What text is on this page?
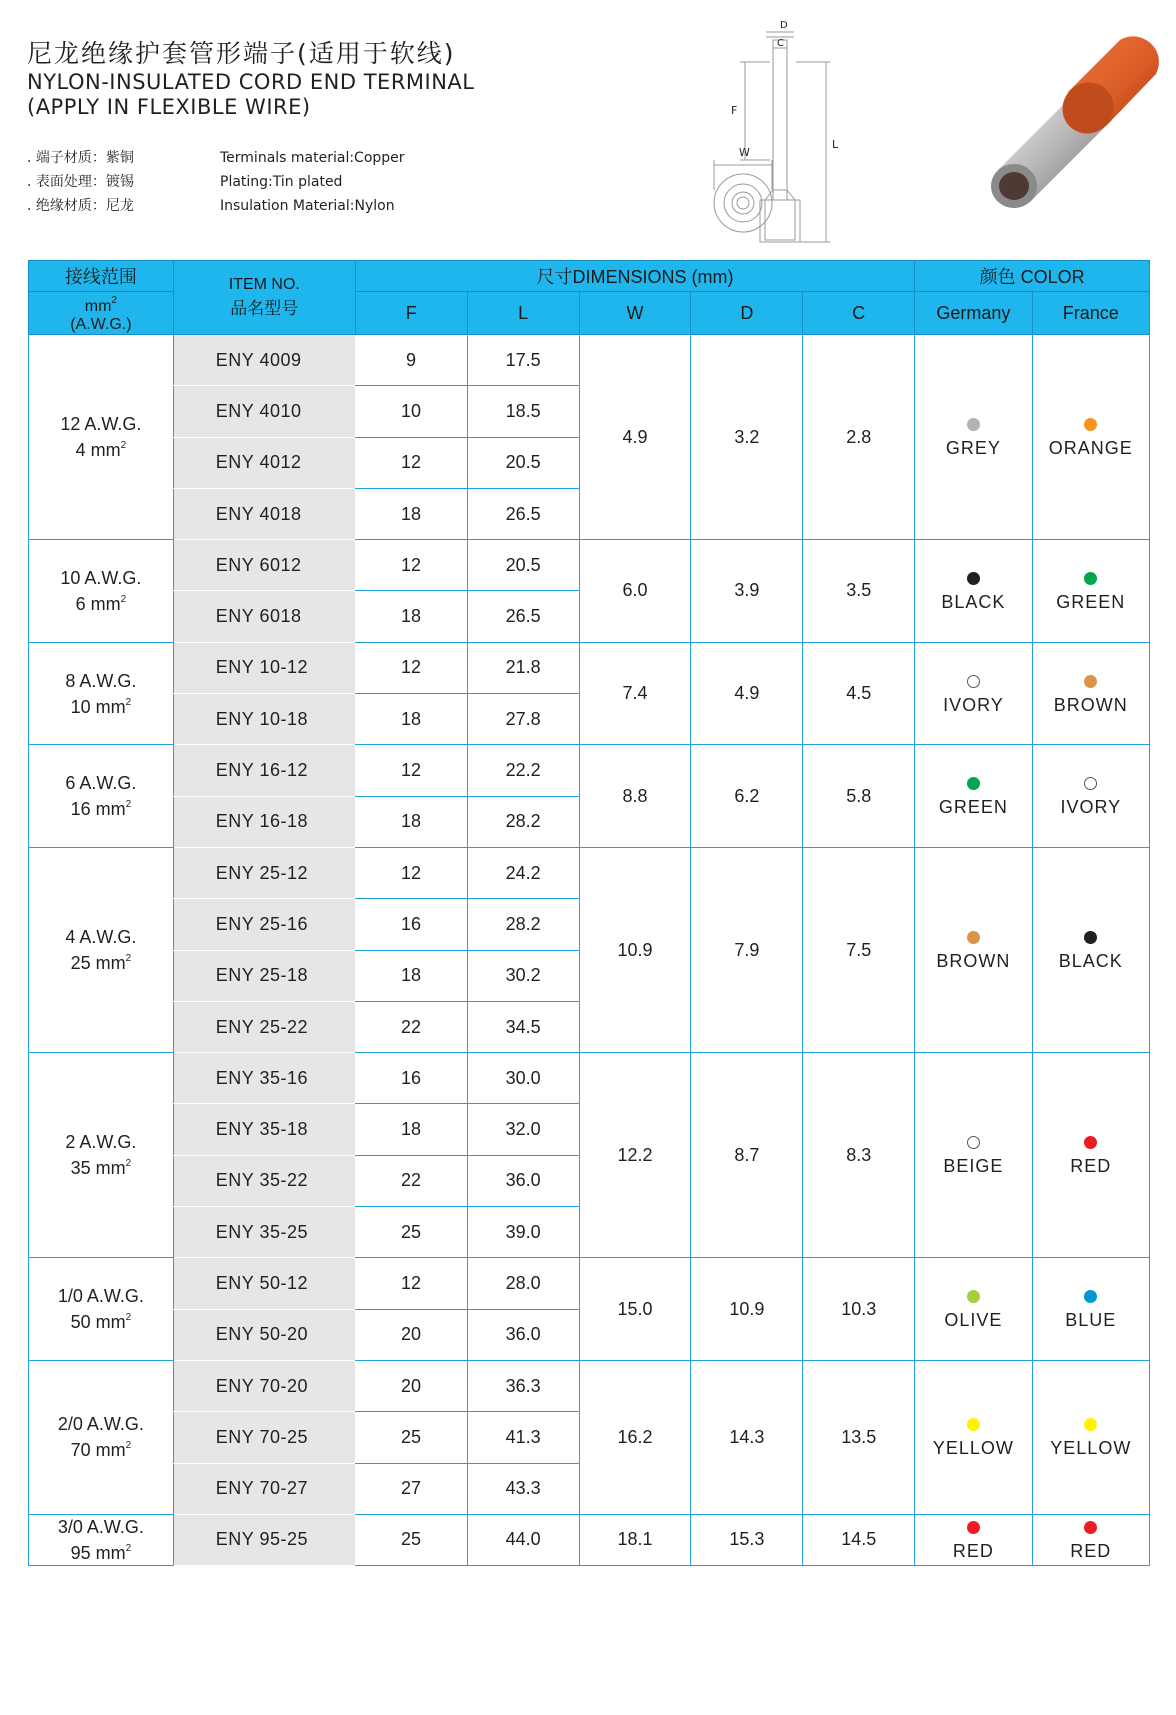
尼龙绝缘护套管形端子(适用于软线)
NYLON-INSULATED CORD END TERMINAL
(APPLY IN FLEXIBLE WIRE)
. 端子材质：紫铜	Terminals material:Copper
. 表面处理：镀锡	Plating:Tin plated
. 绝缘材质：尼龙	Insulation Material:Nylon
D
C
F
L
W
接线范围	ITEM NO.
品名型号	尺寸DIMENSIONS (mm)					颜色 COLOR	

$mm^2$
(A.W.G.)		F	L	W	D	C	Germany	France

12 A.W.G.
4 $mm^2$	ENY 4009	9	17.5	4.9	3.2	2.8	GREY	ORANGE

	ENY 4010	10	18.5					
	ENY 4012	12	20.5					
	ENY 4018	18	26.5					

10 A.W.G.
6 $mm^2$	ENY 6012	12	20.5	6.0	3.9	3.5	BLACK	GREEN

	ENY 6018	18	26.5					

8 A.W.G.
10 $mm^2$	ENY 10-12	12	21.8	7.4	4.9	4.5	IVORY	BROWN

	ENY 10-18	18	27.8					

6 A.W.G.
16 $mm^2$	ENY 16-12	12	22.2	8.8	6.2	5.8	GREEN	IVORY

	ENY 16-18	18	28.2					

4 A.W.G.
25 $mm^2$	ENY 25-12	12	24.2	10.9	7.9	7.5	BROWN	BLACK

	ENY 25-16	16	28.2					
	ENY 25-18	18	30.2					
	ENY 25-22	22	34.5					

2 A.W.G.
35 $mm^2$	ENY 35-16	16	30.0	12.2	8.7	8.3	BEIGE	RED

	ENY 35-18	18	32.0					
	ENY 35-22	22	36.0					
	ENY 35-25	25	39.0					

1/0 A.W.G.
50 $mm^2$	ENY 50-12	12	28.0	15.0	10.9	10.3	OLIVE	BLUE

	ENY 50-20	20	36.0					

2/0 A.W.G.
70 $mm^2$	ENY 70-20	20	36.3	16.2	14.3	13.5	YELLOW	YELLOW

	ENY 70-25	25	41.3					
	ENY 70-27	27	43.3					

3/0 A.W.G.
95 $mm^2$	ENY 95-25	25	44.0	18.1	15.3	14.5	RED	RED
